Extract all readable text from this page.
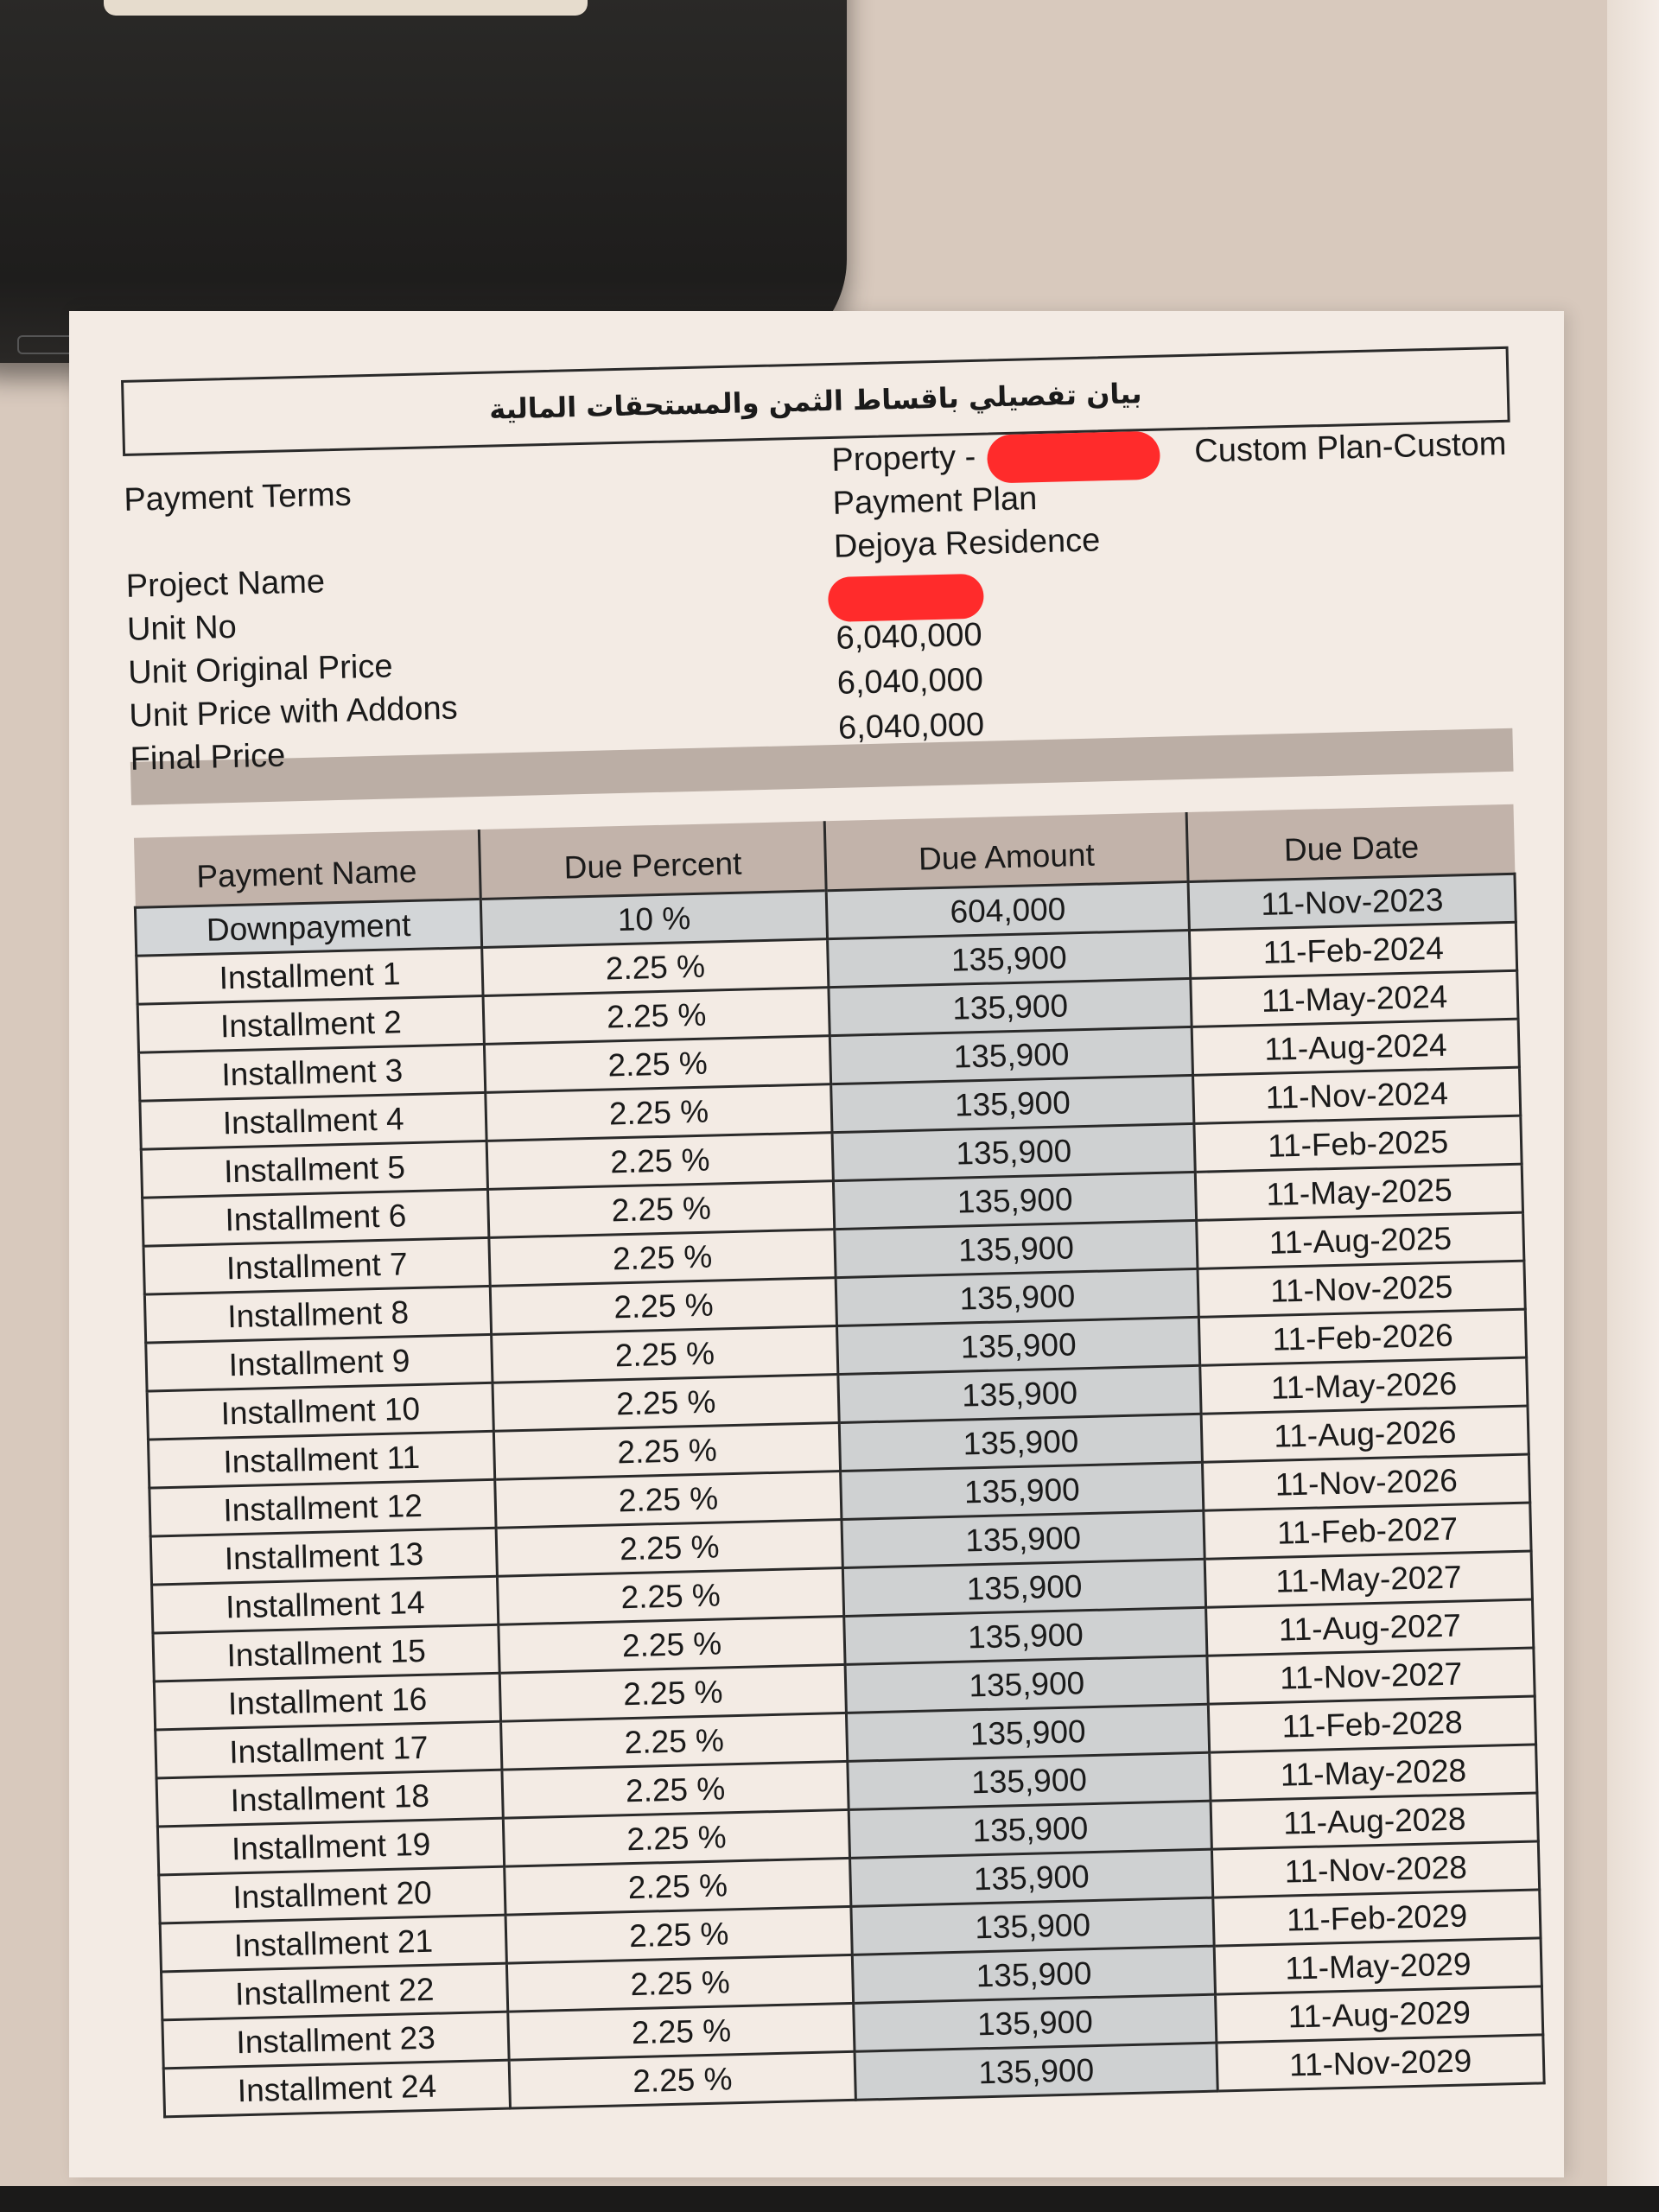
بيان تفصيلي باقساط الثمن والمستحقات المالية
Payment Terms
Property -	Custom Plan-Custom
Payment Plan
Project Name
Dejoya Residence
Unit No
Unit Original Price
6,040,000
Unit Price with Addons
6,040,000
Final Price
6,040,000
Payment Name	Due Percent	Due Amount	Due Date
Downpayment	10 %	604,000	11-Nov-2023
Installment 1	2.25 %	135,900	11-Feb-2024
Installment 2	2.25 %	135,900	11-May-2024
Installment 3	2.25 %	135,900	11-Aug-2024
Installment 4	2.25 %	135,900	11-Nov-2024
Installment 5	2.25 %	135,900	11-Feb-2025
Installment 6	2.25 %	135,900	11-May-2025
Installment 7	2.25 %	135,900	11-Aug-2025
Installment 8	2.25 %	135,900	11-Nov-2025
Installment 9	2.25 %	135,900	11-Feb-2026
Installment 10	2.25 %	135,900	11-May-2026
Installment 11	2.25 %	135,900	11-Aug-2026
Installment 12	2.25 %	135,900	11-Nov-2026
Installment 13	2.25 %	135,900	11-Feb-2027
Installment 14	2.25 %	135,900	11-May-2027
Installment 15	2.25 %	135,900	11-Aug-2027
Installment 16	2.25 %	135,900	11-Nov-2027
Installment 17	2.25 %	135,900	11-Feb-2028
Installment 18	2.25 %	135,900	11-May-2028
Installment 19	2.25 %	135,900	11-Aug-2028
Installment 20	2.25 %	135,900	11-Nov-2028
Installment 21	2.25 %	135,900	11-Feb-2029
Installment 22	2.25 %	135,900	11-May-2029
Installment 23	2.25 %	135,900	11-Aug-2029
Installment 24	2.25 %	135,900	11-Nov-2029
